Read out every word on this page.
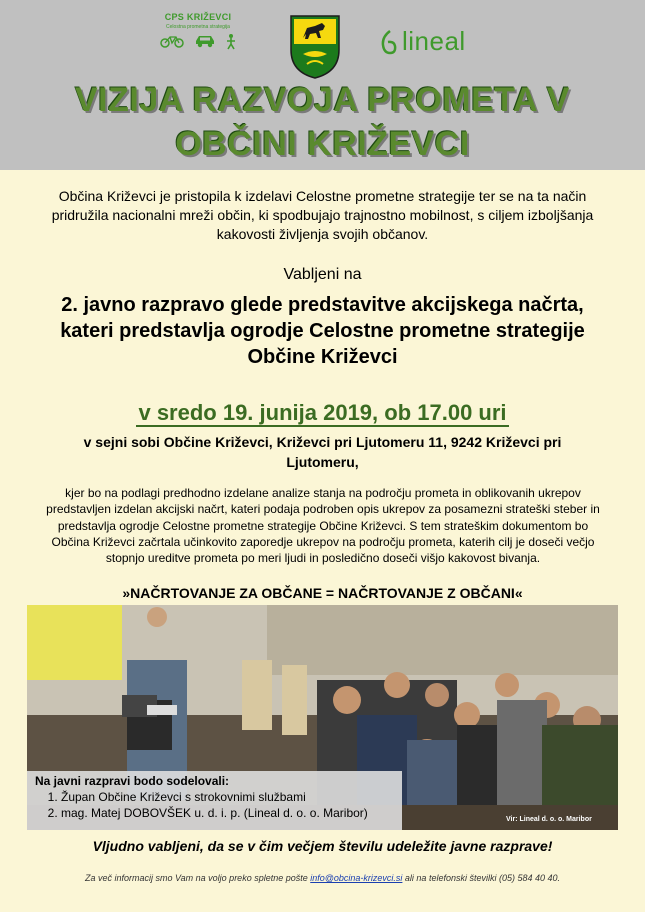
CPS KRIŽEVCI
Celostna prometna strategija	lineal
VIZIJA RAZVOJA PROMETA V
OBČINI KRIŽEVCI
Občina Križevci je pristopila k izdelavi Celostne prometne strategije ter se na ta način
pridružila nacionalni mreži občin, ki spodbujajo trajnostno mobilnost, s ciljem izboljšanja
kakovosti življenja svojih občanov.
Vabljeni na
2. javno razpravo glede predstavitve akcijskega načrta,
kateri predstavlja ogrodje Celostne prometne strategije
Občine Križevci
v sredo 19. junija 2019, ob 17.00 uri
v sejni sobi Občine Križevci, Križevci pri Ljutomeru 11, 9242 Križevci pri
Ljutomeru,
kjer bo na podlagi predhodno izdelane analize stanja na področju prometa in oblikovanih ukrepov
predstavljen izdelan akcijski načrt, kateri podaja podroben opis ukrepov za posamezni strateški steber in
predstavlja ogrodje Celostne prometne strategije Občine Križevci. S tem strateškim dokumentom bo
Občina Križevci začrtala učinkovito zaporedje ukrepov na področju prometa, katerih cilj je doseči večjo
stopnjo ureditve prometa po meri ljudi in posledično doseči višjo kakovost bivanja.
»NAČRTOVANJE ZA OBČANE = NAČRTOVANJE Z OBČANI«
Na javni razpravi bodo sodelovali:
1. Župan Občine Križevci s strokovnimi službami
2. mag. Matej DOBOVŠEK u. d. i. p. (Lineal d. o. o. Maribor)	Vir: Lineal d. o. o. Maribor
Vljudno vabljeni, da se v čim večjem številu udeležite javne razprave!
Za več informacij smo Vam na voljo preko spletne pošte info@obcina-krizevci.si ali na telefonski številki (05) 584 40 40.
